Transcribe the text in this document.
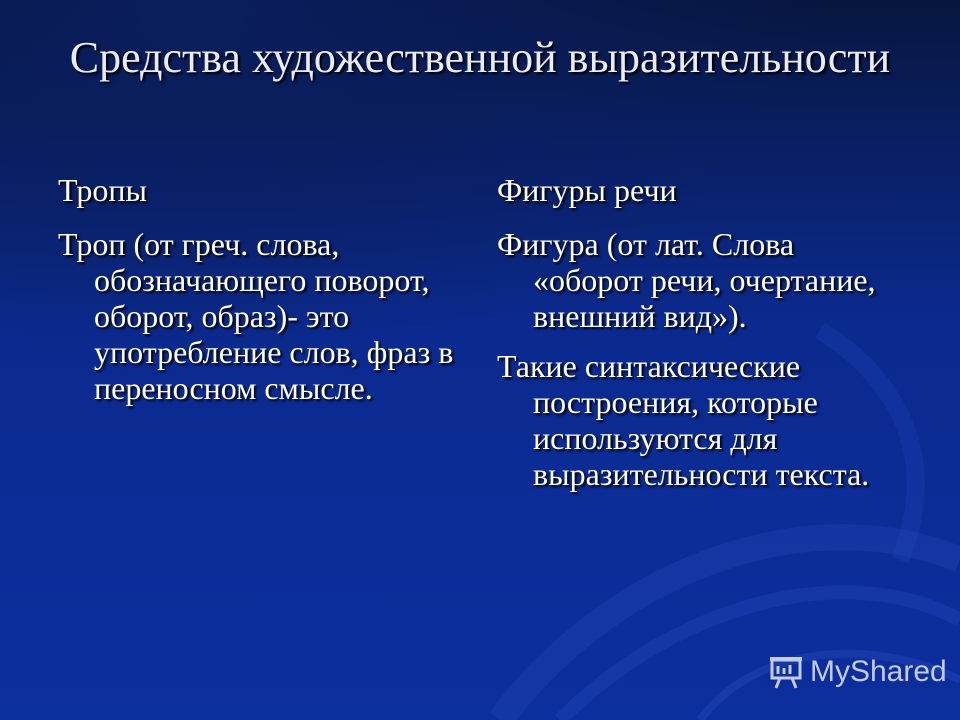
Средства художественной выразительности

Тропы

Троп (от греч. слова, обозначающего поворот, оборот, образ)- это употребление слов, фраз в переносном смысле.

Фигуры речи

Фигура (от лат. Слова «оборот речи, очертание, внешний вид»).

Такие синтаксические построения, которые используются для выразительности текста.

MyShared
